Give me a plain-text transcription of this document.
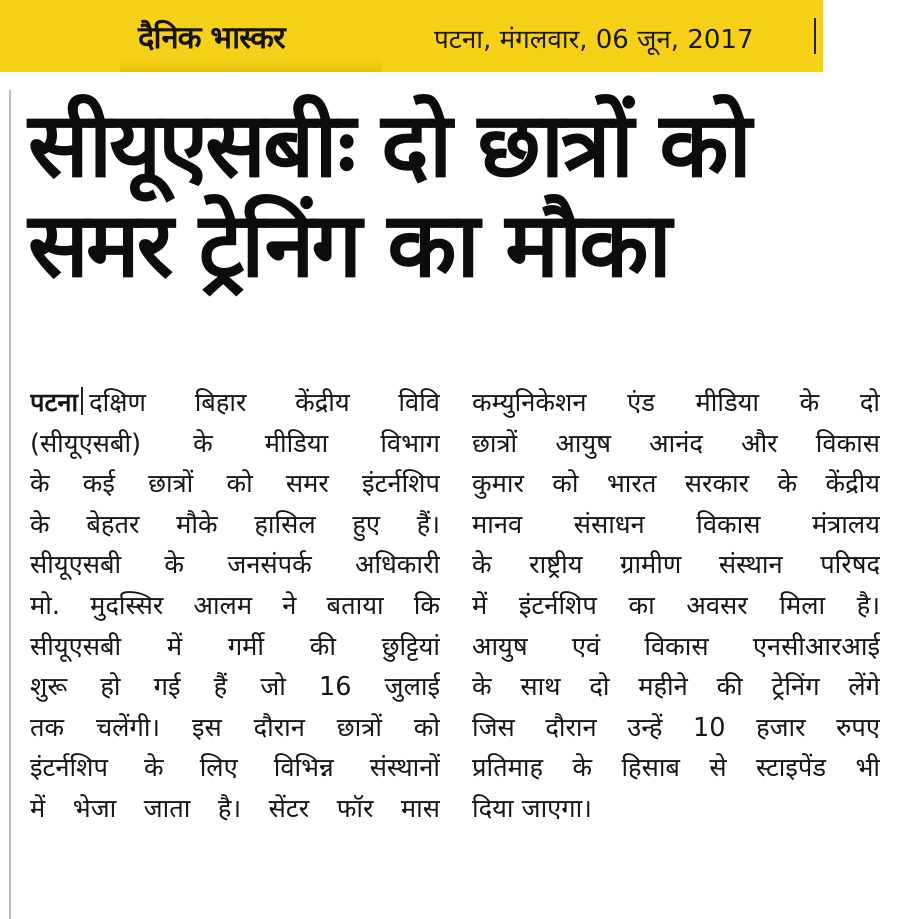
दैनिक भास्कर	पटना, मंगलवार, 06 जून, 2017
सीयूएसबीः दो छात्रों को
समर ट्रेनिंग का मौका
पटना दक्षिण बिहार केंद्रीय विवि
(सीयूएसबी) के मीडिया विभाग
के कई छात्रों को समर इंटर्नशिप
के बेहतर मौके हासिल हुए हैं।
सीयूएसबी के जनसंपर्क अधिकारी
मो. मुदस्सिर आलम ने बताया कि
सीयूएसबी में गर्मी की छुट्टियां
शुरू हो गई हैं जो 16 जुलाई
तक चलेंगी। इस दौरान छात्रों को
इंटर्नशिप के लिए विभिन्न संस्थानों
में भेजा जाता है। सेंटर फॉर मास
कम्युनिकेशन एंड मीडिया के दो
छात्रों आयुष आनंद और विकास
कुमार को भारत सरकार के केंद्रीय
मानव संसाधन विकास मंत्रालय
के राष्ट्रीय ग्रामीण संस्थान परिषद
में इंटर्नशिप का अवसर मिला है।
आयुष एवं विकास एनसीआरआई
के साथ दो महीने की ट्रेनिंग लेंगे
जिस दौरान उन्हें 10 हजार रुपए
प्रतिमाह के हिसाब से स्टाइपेंड भी
दिया जाएगा।
